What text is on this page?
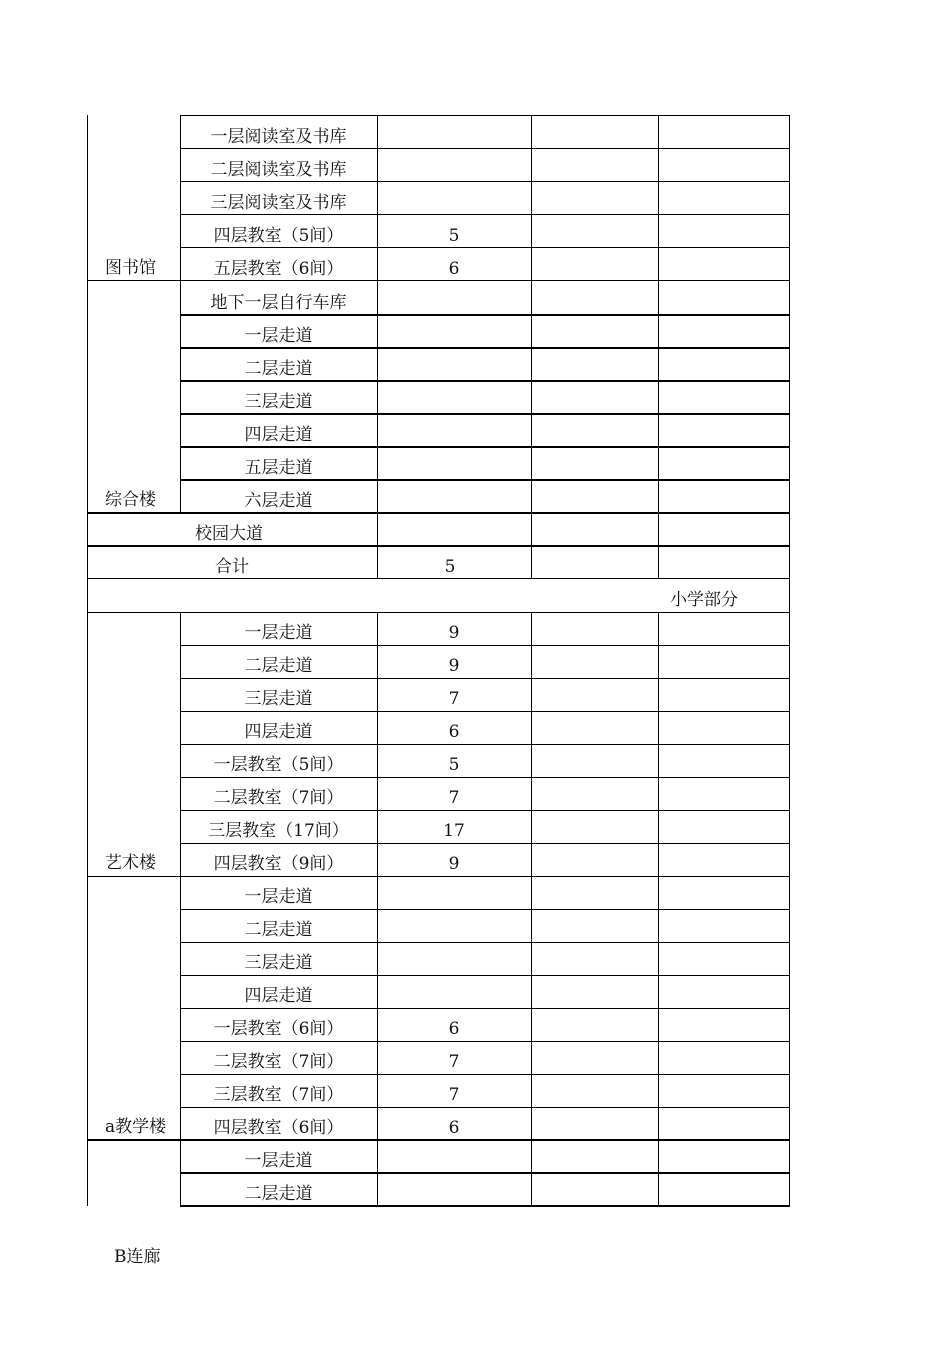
图书馆
一层阅读室及书库
二层阅读室及书库
三层阅读室及书库
四层教室（5间）
五层教室（6间）
5
6
综合楼
地下一层自行车库
一层走道
二层走道
三层走道
四层走道
五层走道
六层走道
校园大道
合计	5
小学部分
艺术楼
一层走道
二层走道
三层走道
四层走道
一层教室（5间）
二层教室（7间）
三层教室（17间）
四层教室（9间）
9
9
7
6
5
7
17
9
a教学楼
一层走道
二层走道
三层走道
四层走道
一层教室（6间）
二层教室（7间）
三层教室（7间）
四层教室（6间）
6
7
7
6
一层走道
二层走道
B连廊
